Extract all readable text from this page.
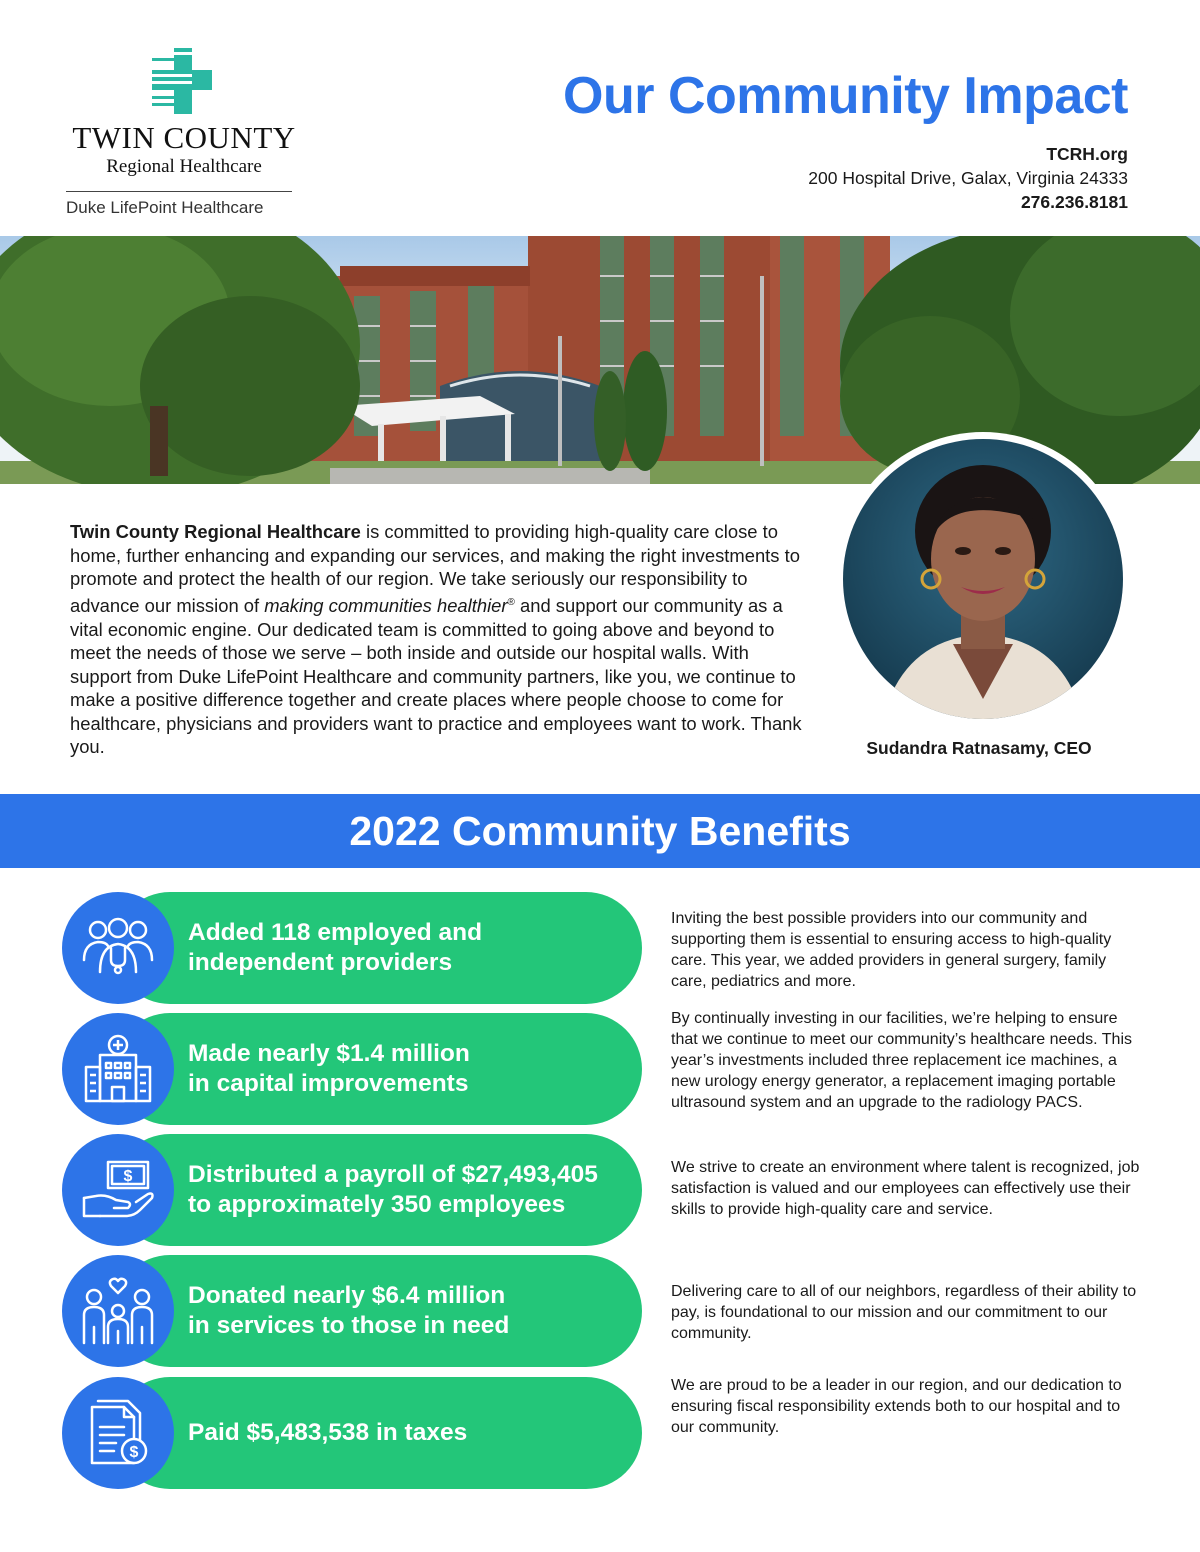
TWIN COUNTY
Regional Healthcare
Duke LifePoint Healthcare
Our Community Impact
TCRH.org
200 Hospital Drive, Galax, Virginia 24333
276.236.8181
Sudandra Ratnasamy, CEO

Twin County Regional Healthcare is committed to providing high-quality care close to home, further enhancing and expanding our services, and making the right investments to promote and protect the health of our region. We take seriously our responsibility to advance our mission of making communities healthier® and support our community as a vital economic engine. Our dedicated team is committed to going above and beyond to meet the needs of those we serve – both inside and outside our hospital walls. With support from Duke LifePoint Healthcare and community partners, like you, we continue to make a positive difference together and create places where people choose to come for healthcare, physicians and providers want to practice and employees want to work. Thank you.

2022 Community Benefits
Added 118 employed and
independent providers

Inviting the best possible providers into our community and supporting them is essential to ensuring access to high-quality care. This year, we added providers in general surgery, family care, pediatrics and more.

Made nearly $1.4 million
in capital improvements

By continually investing in our facilities, we’re helping to ensure that we continue to meet our community’s healthcare needs. This year’s investments included three replacement ice machines, a new urology energy generator, a replacement imaging portable ultrasound system and an upgrade to the radiology PACS.

$ Distributed a payroll of $27,493,405
to approximately 350 employees

We strive to create an environment where talent is recognized, job satisfaction is valued and our employees can effectively use their skills to provide high-quality care and service.

Donated nearly $6.4 million
in services to those in need

Delivering care to all of our neighbors, regardless of their ability to pay, is foundational to our mission and our commitment to our community.

$
Paid $5,483,538 in taxes

We are proud to be a leader in our region, and our dedication to ensuring fiscal responsibility extends both to our hospital and to our community.
